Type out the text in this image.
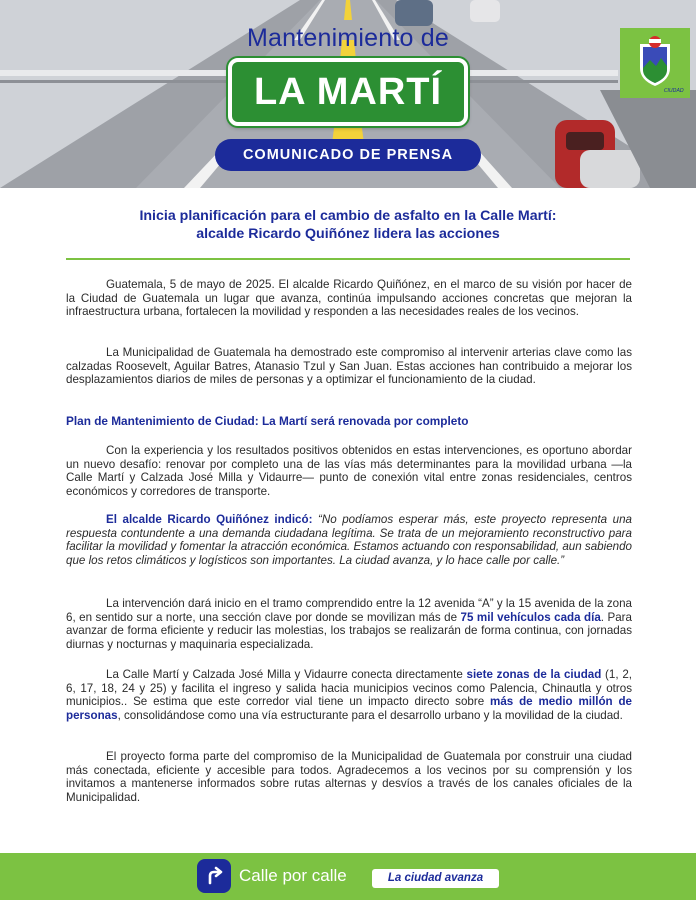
Mantenimiento de
LA MARTÍ
COMUNICADO DE PRENSA
CIUDAD
Inicia planificación para el cambio de asfalto en la Calle Martí:
alcalde Ricardo Quiñónez lidera las acciones
Guatemala, 5 de mayo de 2025. El alcalde Ricardo Quiñónez, en el marco de su visión por hacer de la Ciudad de Guatemala un lugar que avanza, continúa impulsando acciones concretas que mejoran la infraestructura urbana, fortalecen la movilidad y responden a las necesidades reales de los vecinos.
La Municipalidad de Guatemala ha demostrado este compromiso al intervenir arterias clave como las calzadas Roosevelt, Aguilar Batres, Atanasio Tzul y San Juan. Estas acciones han contribuido a mejorar los desplazamientos diarios de miles de personas y a optimizar el funcionamiento de la ciudad.
Plan de Mantenimiento de Ciudad: La Martí será renovada por completo
Con la experiencia y los resultados positivos obtenidos en estas intervenciones, es oportuno abordar un nuevo desafío: renovar por completo una de las vías más determinantes para la movilidad urbana —la Calle Martí y Calzada José Milla y Vidaurre— punto de conexión vital entre zonas residenciales, centros económicos y corredores de transporte.
El alcalde Ricardo Quiñónez indicó: “No podíamos esperar más, este proyecto representa una respuesta contundente a una demanda ciudadana legítima. Se trata de un mejoramiento reconstructivo para facilitar la movilidad y fomentar la atracción económica. Estamos actuando con responsabilidad, aun sabiendo que los retos climáticos y logísticos son importantes. La ciudad avanza, y lo hace calle por calle.”
La intervención dará inicio en el tramo comprendido entre la 12 avenida “A” y la 15 avenida de la zona 6, en sentido sur a norte, una sección clave por donde se movilizan más de 75 mil vehículos cada día. Para avanzar de forma eficiente y reducir las molestias, los trabajos se realizarán de forma continua, con jornadas diurnas y nocturnas y maquinaria especializada.
La Calle Martí y Calzada José Milla y Vidaurre conecta directamente siete zonas de la ciudad (1, 2, 6, 17, 18, 24 y 25) y facilita el ingreso y salida hacia municipios vecinos como Palencia, Chinautla y otros municipios.. Se estima que este corredor vial tiene un impacto directo sobre más de medio millón de personas, consolidándose como una vía estructurante para el desarrollo urbano y la movilidad de la ciudad.
El proyecto forma parte del compromiso de la Municipalidad de Guatemala por construir una ciudad más conectada, eficiente y accesible para todos. Agradecemos a los vecinos por su comprensión y los invitamos a mantenerse informados sobre rutas alternas y desvíos a través de los canales oficiales de la Municipalidad.
Calle por calle	La ciudad avanza
